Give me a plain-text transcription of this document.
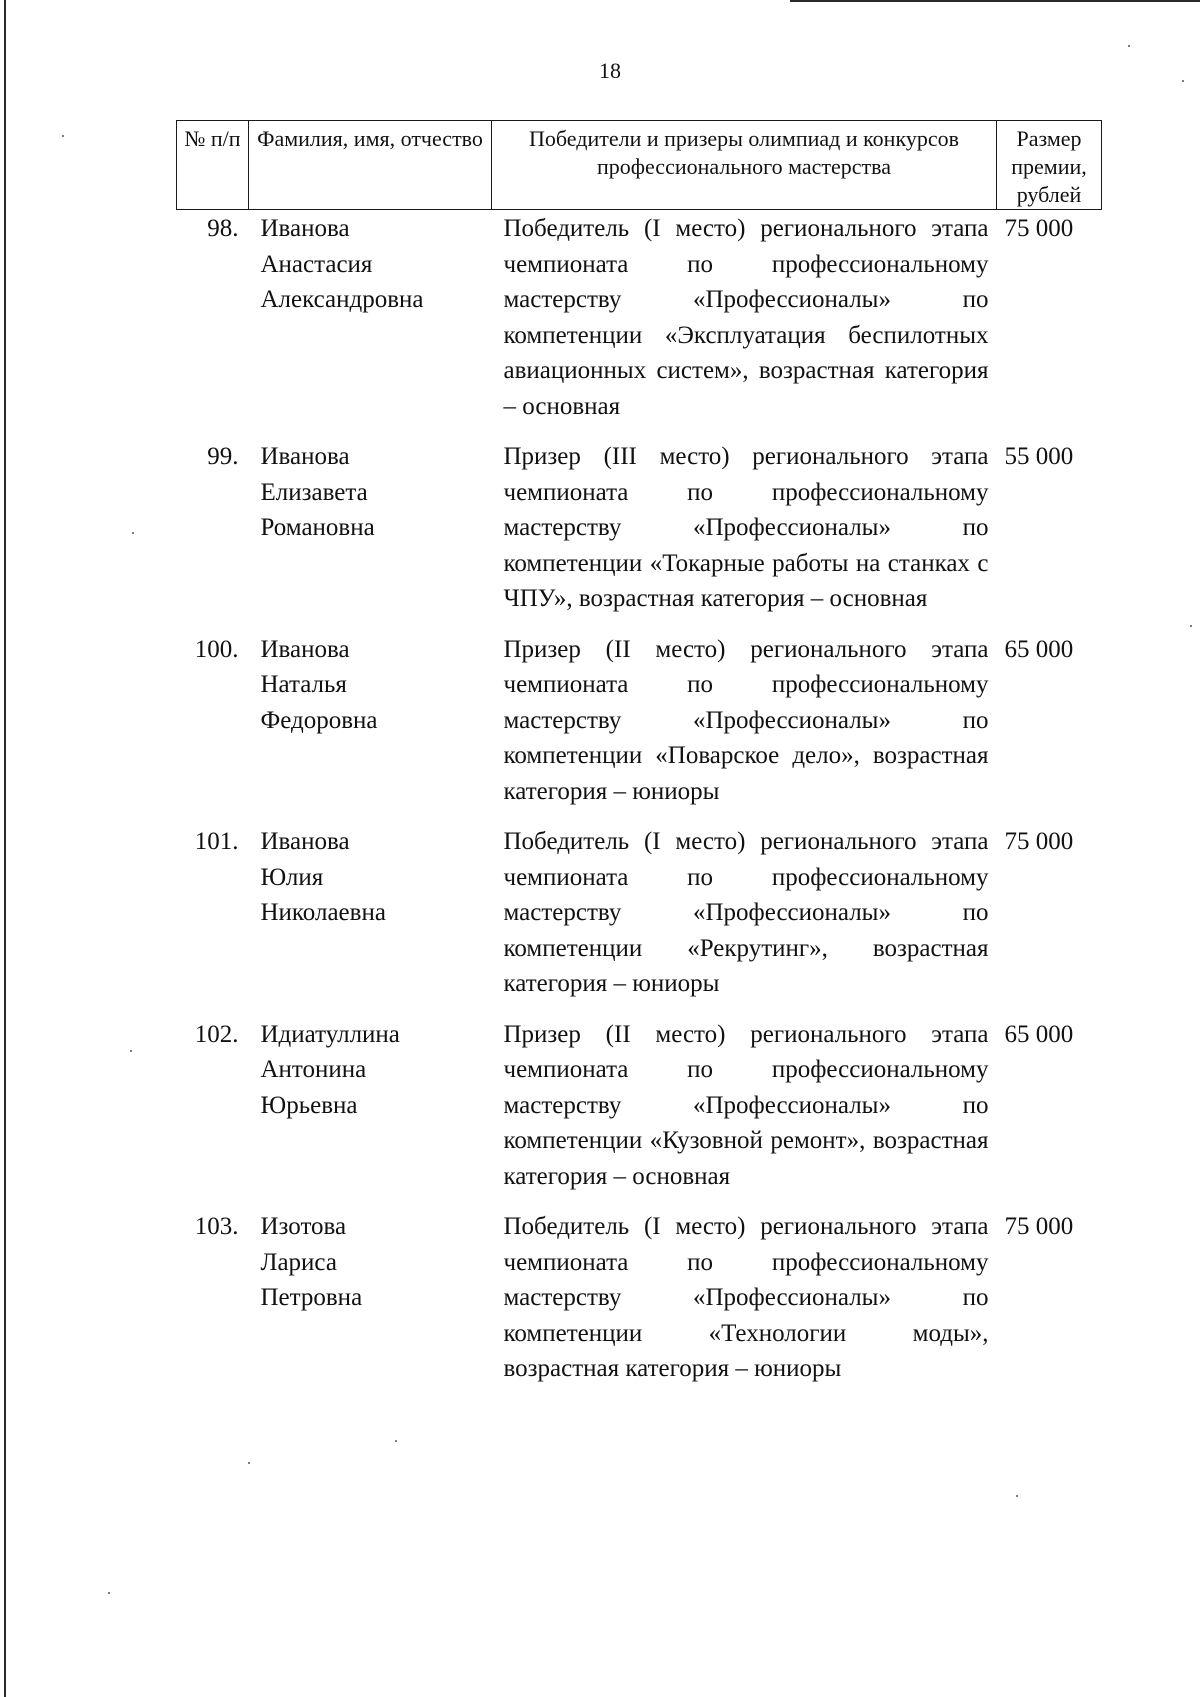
18
№ п/п	Фамилия, имя, отчество	Победители и призеры олимпиад и конкурсов профессионального мастерства	Размер премии, рублей
98.	Иванова
Анастасия
Александровна	Победитель (I место) регионального этапа чемпионата по профессиональному мастерству «Профессионалы» по компетенции «Эксплуатация беспилотных авиационных систем», возрастная категория – основная	75 000
99.	Иванова
Елизавета
Романовна	Призер (III место) регионального этапа чемпионата по профессиональному мастерству «Профессионалы» по компетенции «Токарные работы на станках с ЧПУ», возрастная категория – основная	55 000
100.	Иванова
Наталья
Федоровна	Призер (II место) регионального этапа чемпионата по профессиональному мастерству «Профессионалы» по компетенции «Поварское дело», возрастная категория – юниоры	65 000
101.	Иванова
Юлия
Николаевна	Победитель (I место) регионального этапа чемпионата по профессиональному мастерству «Профессионалы» по компетенции «Рекрутинг», возрастная категория – юниоры	75 000
102.	Идиатуллина
Антонина
Юрьевна	Призер (II место) регионального этапа чемпионата по профессиональному мастерству «Профессионалы» по компетенции «Кузовной ремонт», возрастная категория – основная	65 000
103.	Изотова
Лариса
Петровна	Победитель (I место) регионального этапа чемпионата по профессиональному мастерству «Профессионалы» по компетенции «Технологии моды», возрастная категория – юниоры	75 000
